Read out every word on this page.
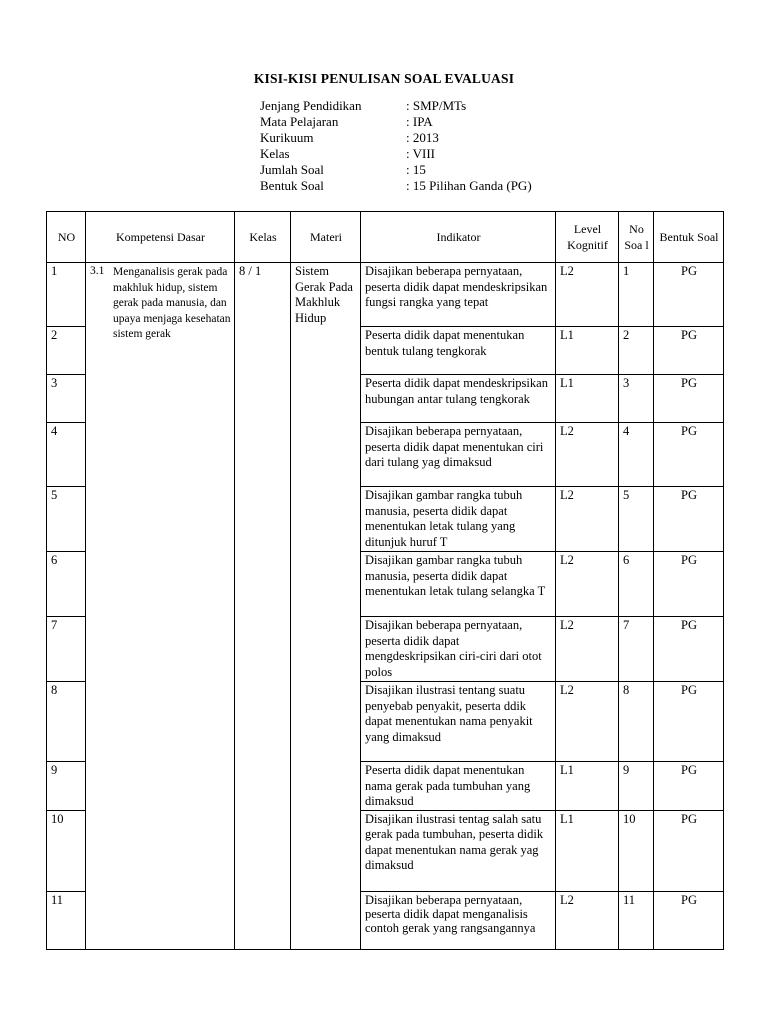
KISI-KISI PENULISAN SOAL EVALUASI
Jenjang Pendidikan	: SMP/MTs
Mata Pelajaran	: IPA
Kurikuum	: 2013
Kelas	: VIII
Jumlah Soal	: 15
Bentuk Soal	: 15 Pilihan Ganda (PG)
NO	Kompetensi Dasar	Kelas	Materi	Indikator	Level Kognitif	No Soa l	Bentuk Soal
1	3.1 Menganalisis gerak pada makhluk hidup, sistem gerak pada manusia, dan upaya menjaga kesehatan sistem gerak	8 / 1	Sistem Gerak Pada Makhluk Hidup	Disajikan beberapa pernyataan, peserta didik dapat mendeskripsikan fungsi rangka yang tepat	L2	1	PG
2				Peserta didik dapat menentukan bentuk tulang tengkorak	L1	2	PG
3				Peserta didik dapat mendeskripsikan hubungan antar tulang tengkorak	L1	3	PG
4				Disajikan beberapa pernyataan, peserta didik dapat menentukan ciri dari tulang yag dimaksud	L2	4	PG
5				Disajikan gambar rangka tubuh manusia, peserta didik dapat menentukan letak tulang yang ditunjuk huruf T	L2	5	PG
6				Disajikan gambar rangka tubuh manusia, peserta didik dapat menentukan letak tulang selangka T	L2	6	PG
7				Disajikan beberapa pernyataan, peserta didik dapat mengdeskripsikan ciri-ciri dari otot polos	L2	7	PG
8				Disajikan ilustrasi tentang suatu penyebab penyakit, peserta ddik dapat menentukan nama penyakit yang dimaksud	L2	8	PG
9				Peserta didik dapat menentukan nama gerak pada tumbuhan yang dimaksud	L1	9	PG
10				Disajikan ilustrasi tentag salah satu gerak pada tumbuhan, peserta didik dapat menentukan nama gerak yag dimaksud	L1	10	PG
11				Disajikan beberapa pernyataan, peserta didik dapat menganalisis contoh gerak yang rangsangannya	L2	11	PG
